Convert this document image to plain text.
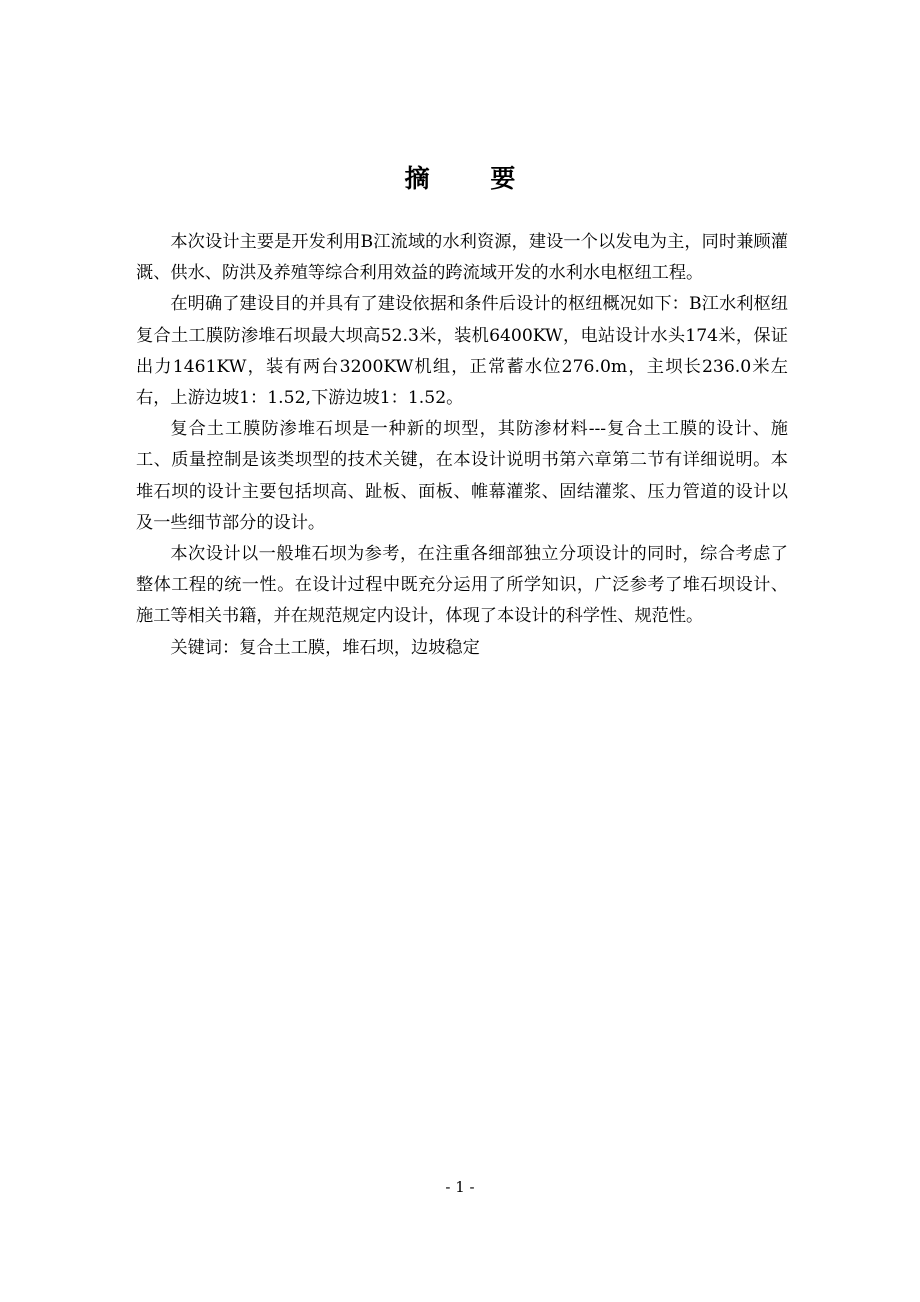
摘 要

本次设计主要是开发利用B江流域的水利资源，建设一个以发电为主，同时兼顾灌溉、供水、防洪及养殖等综合利用效益的跨流域开发的水利水电枢纽工程。

在明确了建设目的并具有了建设依据和条件后设计的枢纽概况如下：B江水利枢纽复合土工膜防渗堆石坝最大坝高52.3米，装机6400KW，电站设计水头174米，保证出力1461KW，装有两台3200KW机组，正常蓄水位276.0m，主坝长236.0米左右，上游边坡1：1.52,下游边坡1：1.52。

复合土工膜防渗堆石坝是一种新的坝型，其防渗材料---复合土工膜的设计、施工、质量控制是该类坝型的技术关键，在本设计说明书第六章第二节有详细说明。本堆石坝的设计主要包括坝高、趾板、面板、帷幕灌浆、固结灌浆、压力管道的设计以及一些细节部分的设计。

本次设计以一般堆石坝为参考，在注重各细部独立分项设计的同时，综合考虑了整体工程的统一性。在设计过程中既充分运用了所学知识，广泛参考了堆石坝设计、施工等相关书籍，并在规范规定内设计，体现了本设计的科学性、规范性。

关键词：复合土工膜，堆石坝，边坡稳定

- 1 -
